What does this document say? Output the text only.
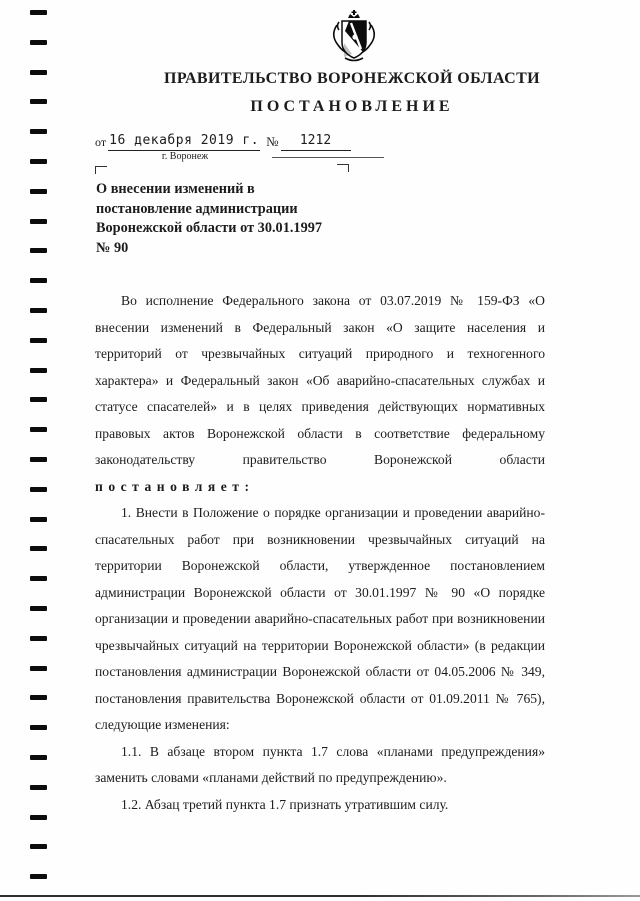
ПРАВИТЕЛЬСТВО ВОРОНЕЖСКОЙ ОБЛАСТИ
ПОСТАНОВЛЕНИЕ
от 16 декабря 2019 г. №	1212
г. Воронеж
О внесении изменений в
постановление администрации
Воронежской области от 30.01.1997
№ 90
Во исполнение Федерального закона от 03.07.2019 № 159-ФЗ «О
внесении изменений в Федеральный закон «О защите населения и
территорий от чрезвычайных ситуаций природного и техногенного
характера» и Федеральный закон «Об аварийно-спасательных службах и
статусе спасателей» и в целях приведения действующих нормативных
правовых актов Воронежской области в соответствие федеральному
законодательству правительство Воронежской области
постановляет:
1. Внести в Положение о порядке организации и проведении аварийно-
спасательных работ при возникновении чрезвычайных ситуаций на
территории Воронежской области, утвержденное постановлением
администрации Воронежской области от 30.01.1997 № 90 «О порядке
организации и проведении аварийно-спасательных работ при возникновении
чрезвычайных ситуаций на территории Воронежской области» (в редакции
постановления администрации Воронежской области от 04.05.2006 № 349,
постановления правительства Воронежской области от 01.09.2011 № 765),
следующие изменения:
1.1. В абзаце втором пункта 1.7 слова «планами предупреждения»
заменить словами «планами действий по предупреждению».
1.2. Абзац третий пункта 1.7 признать утратившим силу.
